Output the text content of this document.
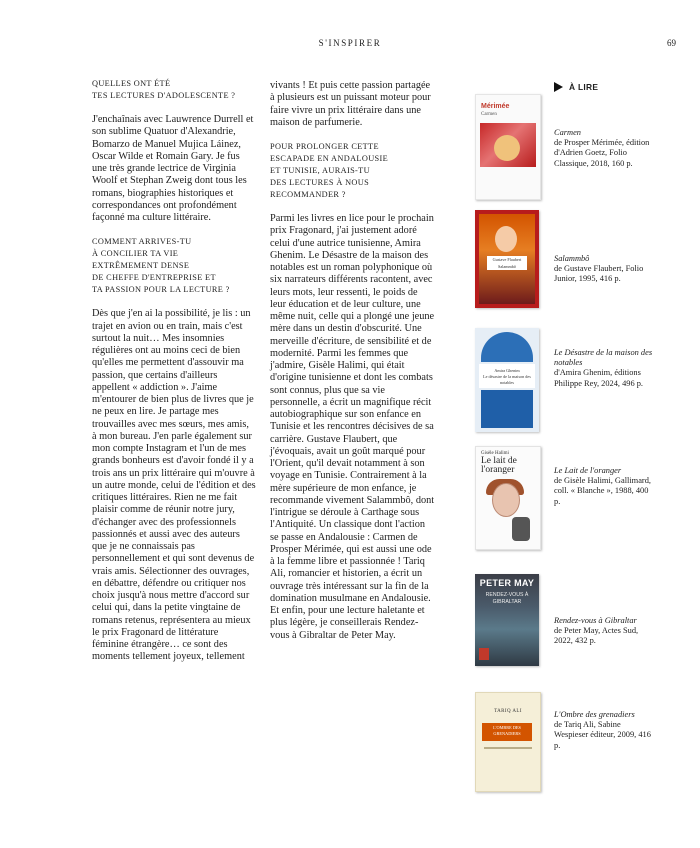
S'INSPIRER	69

QUELLES ONT ÉTÉ
TES LECTURES D'ADOLESCENTE ?

J'enchaînais avec Lauwrence Durrell et son sublime Quatuor d'Alexandrie, Bomarzo de Manuel Mujica Láinez, Oscar Wilde et Romain Gary. Je fus une très grande lectrice de Virginia Woolf et Stephan Zweig dont tous les romans, biographies historiques et correspondances ont profondément façonné ma culture littéraire.

COMMENT ARRIVES-TU
À CONCILIER TA VIE
EXTRÊMEMENT DENSE
DE CHEFFE D'ENTREPRISE ET
TA PASSION POUR LA LECTURE ?

Dès que j'en ai la possibilité, je lis : un trajet en avion ou en train, mais c'est surtout la nuit… Mes insomnies régulières ont au moins ceci de bien qu'elles me permettent d'assouvir ma passion, que certains d'ailleurs appellent « addiction ». J'aime m'entourer de bien plus de livres que je ne peux en lire. Je partage mes trouvailles avec mes sœurs, mes amis, à mon bureau. J'en parle également sur mon compte Instagram et l'un de mes grands bonheurs est d'avoir fondé il y a trois ans un prix littéraire qui m'ouvre à un autre monde, celui de l'édition et des critiques littéraires. Rien ne me fait plaisir comme de réunir notre jury, d'échanger avec des professionnels passionnés et aussi avec des auteurs que je ne connaissais pas personnellement et qui sont devenus de vrais amis. Sélectionner des ouvrages, en débattre, défendre ou critiquer nos choix jusqu'à nous mettre d'accord sur celui qui, dans la petite vingtaine de romans retenus, représentera au mieux le prix Fragonard de littérature féminine étrangère… ce sont des moments tellement joyeux, tellement

vivants ! Et puis cette passion partagée à plusieurs est un puissant moteur pour faire vivre un prix littéraire dans une maison de parfumerie.

POUR PROLONGER CETTE
ESCAPADE EN ANDALOUSIE
ET TUNISIE, AURAIS-TU
DES LECTURES À NOUS
RECOMMANDER ?

Parmi les livres en lice pour le prochain prix Fragonard, j'ai justement adoré celui d'une autrice tunisienne, Amira Ghenim. Le Désastre de la maison des notables est un roman polyphonique où six narrateurs différents racontent, avec leurs mots, leur ressenti, le poids de leur éducation et de leur culture, une même nuit, celle qui a plongé une jeune mère dans un destin d'obscurité. Une merveille d'écriture, de sensibilité et de modernité. Parmi les femmes que j'admire, Gisèle Halimi, qui était d'origine tunisienne et dont les combats sont connus, plus que sa vie personnelle, a écrit un magnifique récit autobiographique sur son enfance en Tunisie et les rencontres décisives de sa carrière. Gustave Flaubert, que j'évoquais, avait un goût marqué pour l'Orient, qu'il devait notamment à son voyage en Tunisie. Contrairement à la mère supérieure de mon enfance, je recommande vivement Salammbô, dont l'intrigue se déroule à Carthage sous l'Antiquité. Un classique dont l'action se passe en Andalousie : Carmen de Prosper Mérimée, qui est aussi une ode à la femme libre et passionnée ! Tariq Ali, romancier et historien, a écrit un ouvrage très intéressant sur la fin de la domination musulmane en Andalousie. Et enfin, pour une lecture haletante et plus légère, je conseillerais Rendez-vous à Gibraltar de Peter May.

À LIRE
Mérimée
Carmen
Carmen
de Prosper Mérimée, édition d'Adrien Goetz, Folio Classique, 2018, 160 p.
Gustave Flaubert
Salammbô
Salammbô
de Gustave Flaubert, Folio Junior, 1995, 416 p.
Amira Ghenim
Le désastre de la maison des notables
Le Désastre de la maison des notables
d'Amira Ghenim, éditions Philippe Rey, 2024, 496 p.
Gisèle Halimi
Le lait de l'oranger	Le Lait de l'oranger
de Gisèle Halimi, Gallimard, coll. « Blanche », 1988, 400 p.
PETER MAY
RENDEZ-VOUS À GIBRALTAR
Rendez-vous à Gibraltar
de Peter May, Actes Sud, 2022, 432 p.
TARIQ ALI
L'OMBRE DES GRENADIERS
L'Ombre des grenadiers
de Tariq Ali, Sabine Wespieser éditeur, 2009, 416 p.
